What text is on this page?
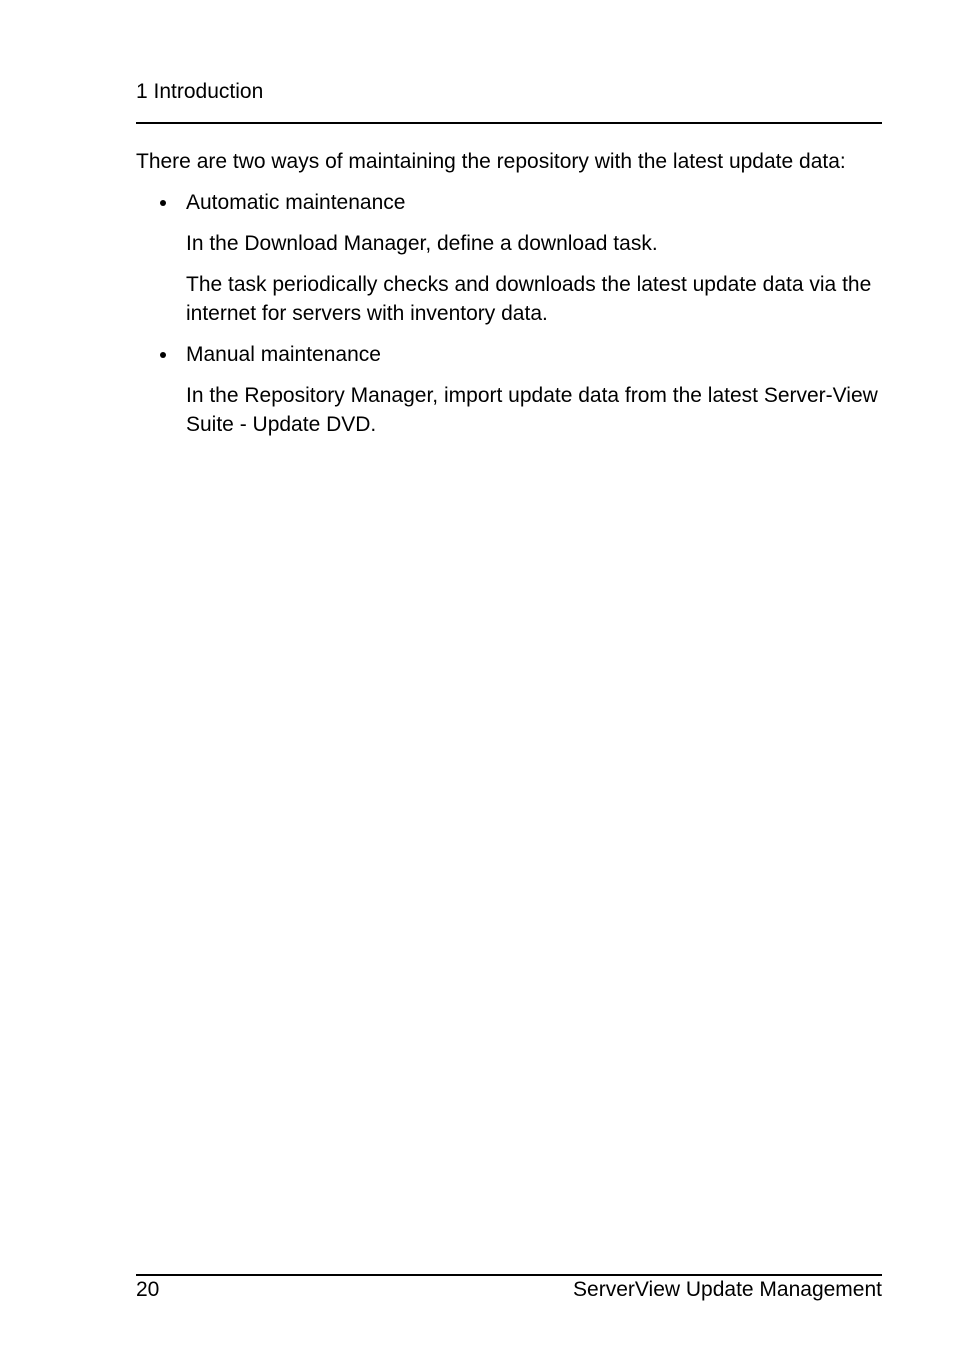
1 Introduction

There are two ways of maintaining the repository with the latest update data:

Automatic maintenance

In the Download Manager, define a download task.

The task periodically checks and downloads the latest update data via the internet for servers with inventory data.

Manual maintenance

In the Repository Manager, import update data from the latest Server-View Suite - Update DVD.

20	ServerView Update Management
